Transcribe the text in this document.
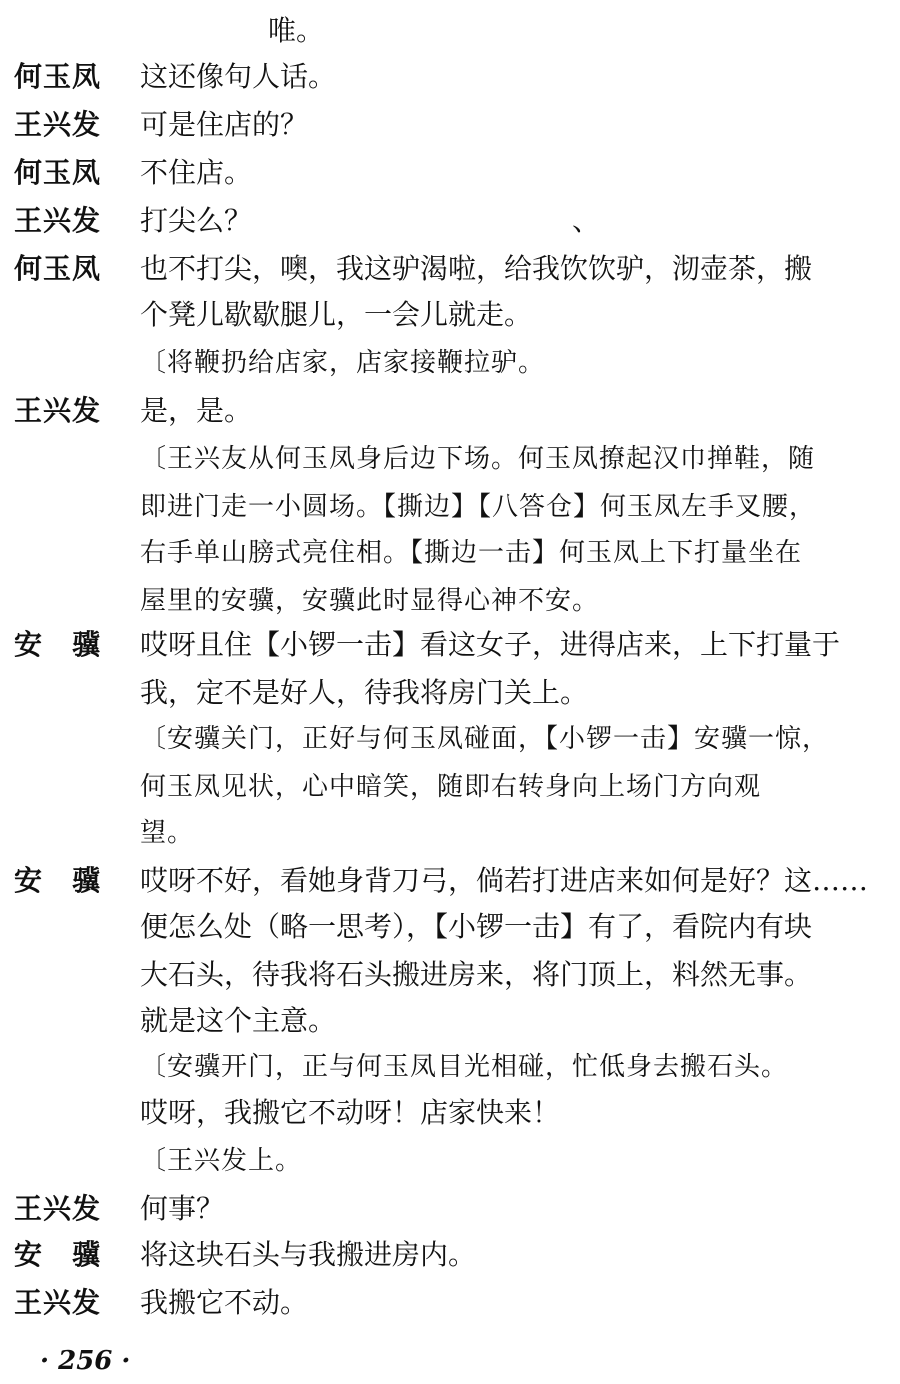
唯。
何玉凤	这还像句人话。
王兴发	可是住店的？
何玉凤	不住店。
王兴发	打尖么？	、
何玉凤	也不打尖，噢，我这驴渴啦，给我饮饮驴，沏壶茶，搬
个凳儿歇歇腿儿，一会儿就走。
〔将鞭扔给店家，店家接鞭拉驴。
王兴发	是，是。
〔王兴友从何玉凤身后边下场。何玉凤撩起汉巾掸鞋，随
即进门走一小圆场。【撕边】【八答仓】何玉凤左手叉腰，
右手单山膀式亮住相。【撕边一击】何玉凤上下打量坐在
屋里的安骥，安骥此时显得心神不安。
安　骥	哎呀且住【小锣一击】看这女子，进得店来，上下打量于
我，定不是好人，待我将房门关上。
〔安骥关门，正好与何玉凤碰面，【小锣一击】安骥一惊，
何玉凤见状，心中暗笑，随即右转身向上场门方向观
望。
安　骥	哎呀不好，看她身背刀弓，倘若打进店来如何是好？这……
便怎么处（略一思考），【小锣一击】有了，看院内有块
大石头，待我将石头搬进房来，将门顶上，料然无事。
就是这个主意。
〔安骥开门，正与何玉凤目光相碰，忙低身去搬石头。
哎呀，我搬它不动呀！店家快来！
〔王兴发上。
王兴发	何事？
安　骥	将这块石头与我搬进房内。
王兴发	我搬它不动。
· 256 ·
